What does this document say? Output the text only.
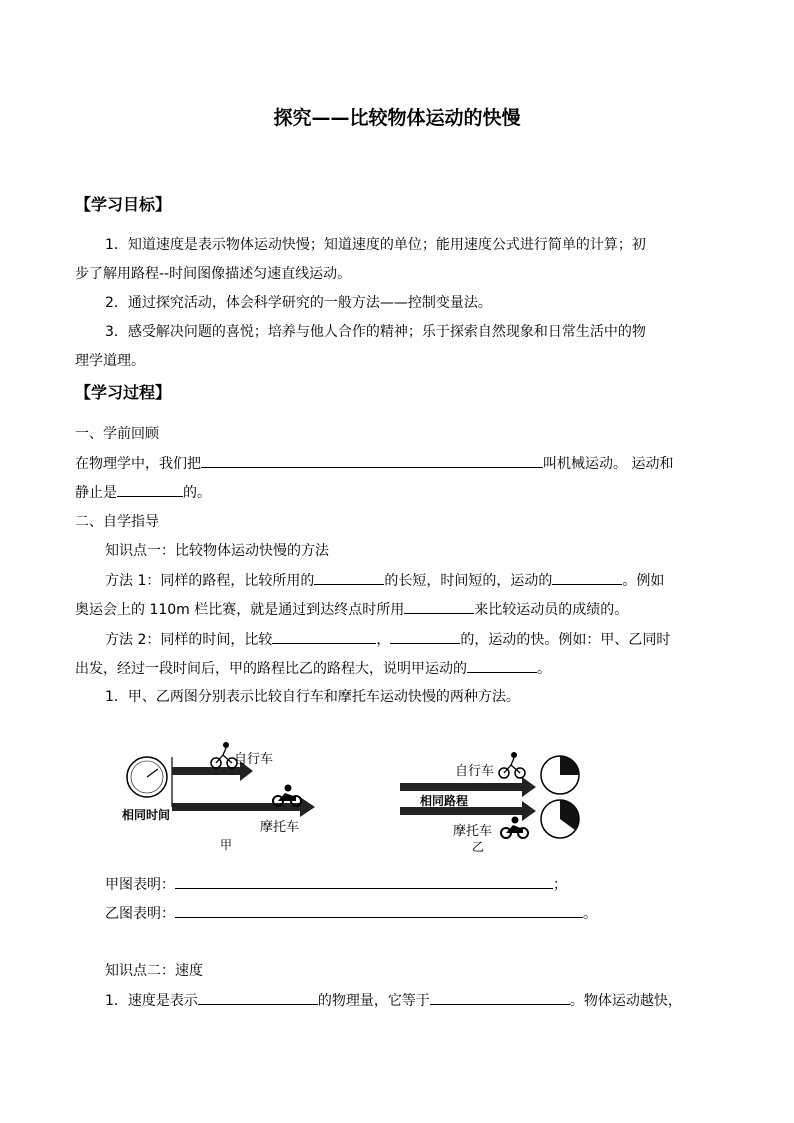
探究——比较物体运动的快慢
【学习目标】
1．知道速度是表示物体运动快慢；知道速度的单位；能用速度公式进行简单的计算；初
步了解用路程--时间图像描述匀速直线运动。
2．通过探究活动，体会科学研究的一般方法——控制变量法。
3．感受解决问题的喜悦；培养与他人合作的精神；乐于探索自然现象和日常生活中的物
理学道理。
【学习过程】
一、学前回顾
在物理学中，我们把	叫机械运动。 运动和
静止是	的。
二、自学指导
知识点一：比较物体运动快慢的方法
方法 1：同样的路程，比较所用的	的长短，时间短的，运动的	。例如
奥运会上的 110m 栏比赛，就是通过到达终点时所用	来比较运动员的成绩的。
方法 2：同样的时间，比较	，	的，运动的快。例如：甲、乙同时
出发，经过一段时间后，甲的路程比乙的路程大，说明甲运动的	。
1．甲、乙两图分别表示比较自行车和摩托车运动快慢的两种方法。
自行车
相同时间
摩托车
甲
自行车
相同路程
摩托车
乙
甲图表明：	；
乙图表明：	。
知识点二：速度
1．速度是表示	的物理量，它等于	。物体运动越快，
